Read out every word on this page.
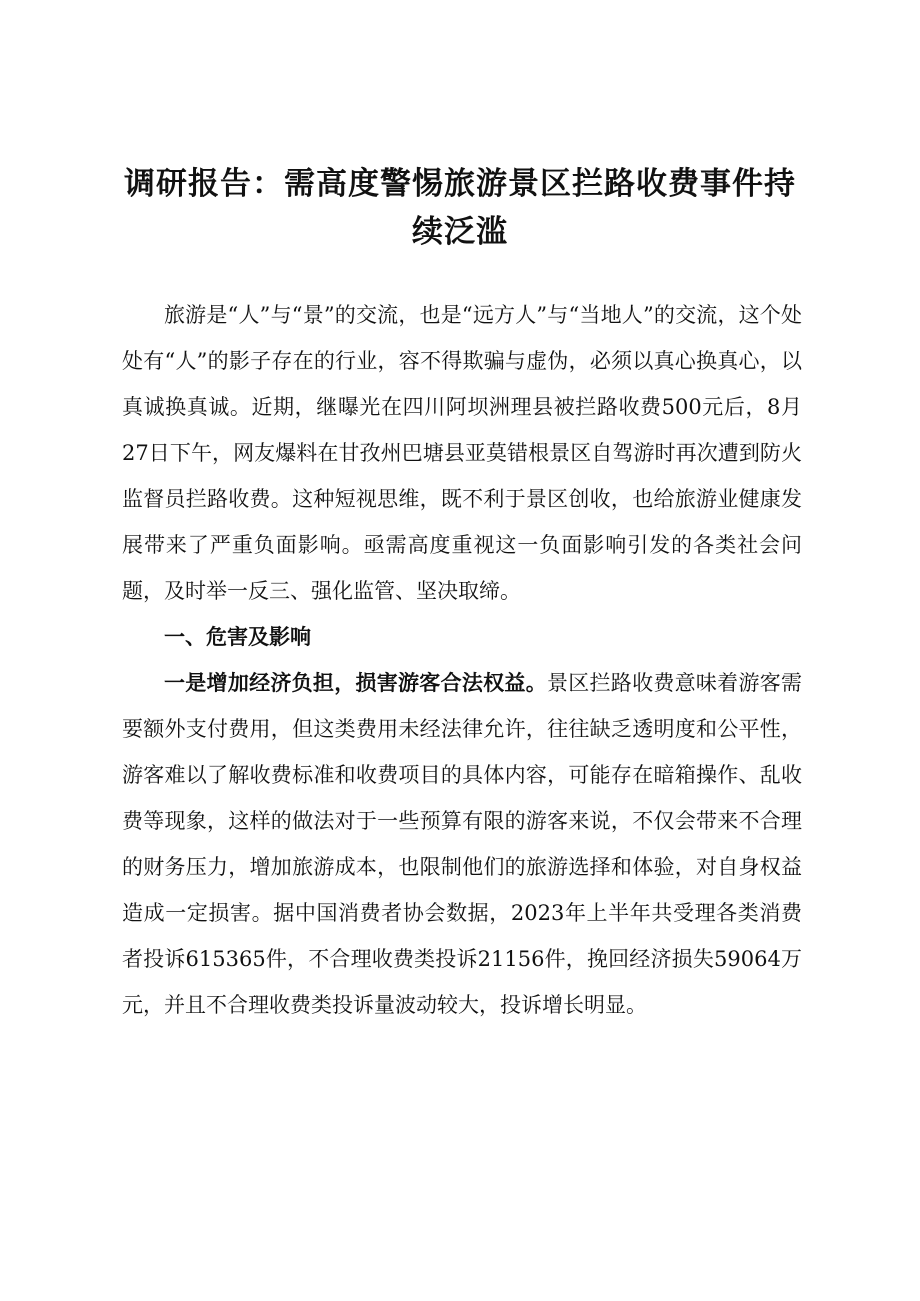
调研报告：需高度警惕旅游景区拦路收费事件持续泛滥

旅游是“人”与“景”的交流，也是“远方人”与“当地人”的交流，这个处处有“人”的影子存在的行业，容不得欺骗与虚伪，必须以真心换真心，以真诚换真诚。近期，继曝光在四川阿坝洲理县被拦路收费500元后，8月27日下午，网友爆料在甘孜州巴塘县亚莫错根景区自驾游时再次遭到防火监督员拦路收费。这种短视思维，既不利于景区创收，也给旅游业健康发展带来了严重负面影响。亟需高度重视这一负面影响引发的各类社会问题，及时举一反三、强化监管、坚决取缔。

一、危害及影响

一是增加经济负担，损害游客合法权益。景区拦路收费意味着游客需要额外支付费用，但这类费用未经法律允许，往往缺乏透明度和公平性，游客难以了解收费标准和收费项目的具体内容，可能存在暗箱操作、乱收费等现象，这样的做法对于一些预算有限的游客来说，不仅会带来不合理的财务压力，增加旅游成本，也限制他们的旅游选择和体验，对自身权益造成一定损害。据中国消费者协会数据，2023年上半年共受理各类消费者投诉615365件，不合理收费类投诉21156件，挽回经济损失59064万元，并且不合理收费类投诉量波动较大，投诉增长明显。
